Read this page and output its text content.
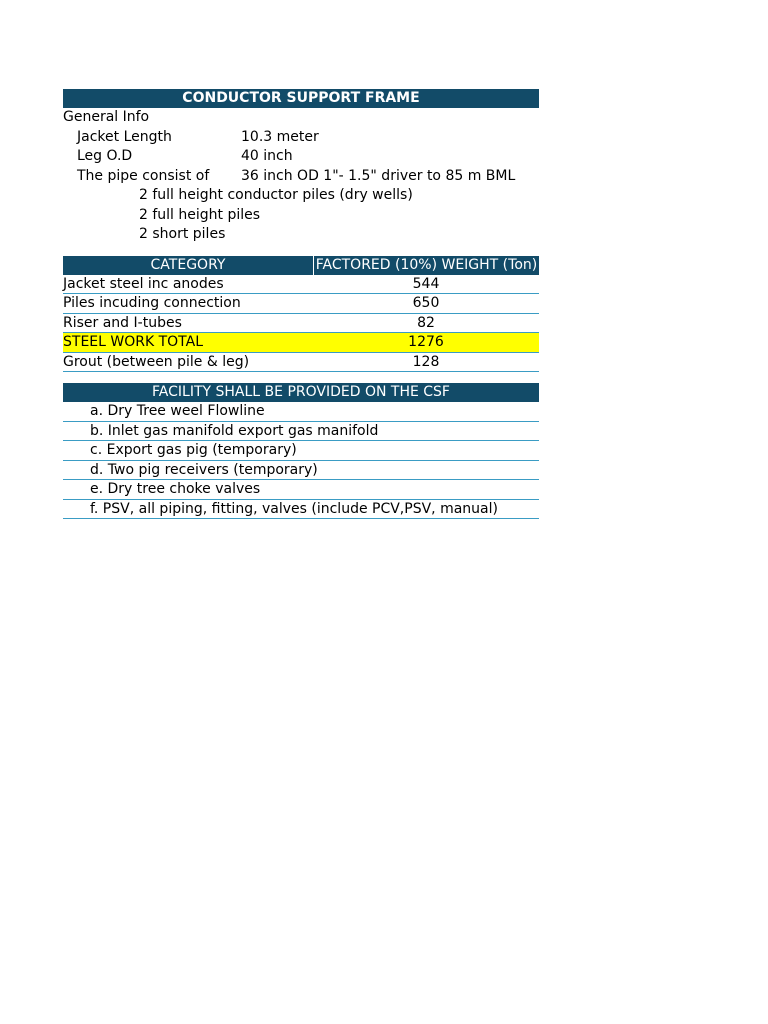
CONDUCTOR SUPPORT FRAME
General Info
Jacket Length	10.3 meter
Leg O.D	40 inch
The pipe consist of 36 inch OD 1"- 1.5" driver to 85 m BML
2 full height conductor piles (dry wells)
2 full height piles
2 short piles
CATEGORY	FACTORED (10%) WEIGHT (Ton)
Jacket steel inc anodes	544
Piles incuding connection	650
Riser and I-tubes	82
STEEL WORK TOTAL	1276
Grout (between pile & leg)	128
FACILITY SHALL BE PROVIDED ON THE CSF
a. Dry Tree weel Flowline
b. Inlet gas manifold export gas manifold
c. Export gas pig (temporary)
d. Two pig receivers (temporary)
e. Dry tree choke valves
f. PSV, all piping, fitting, valves (include PCV,PSV, manual)
